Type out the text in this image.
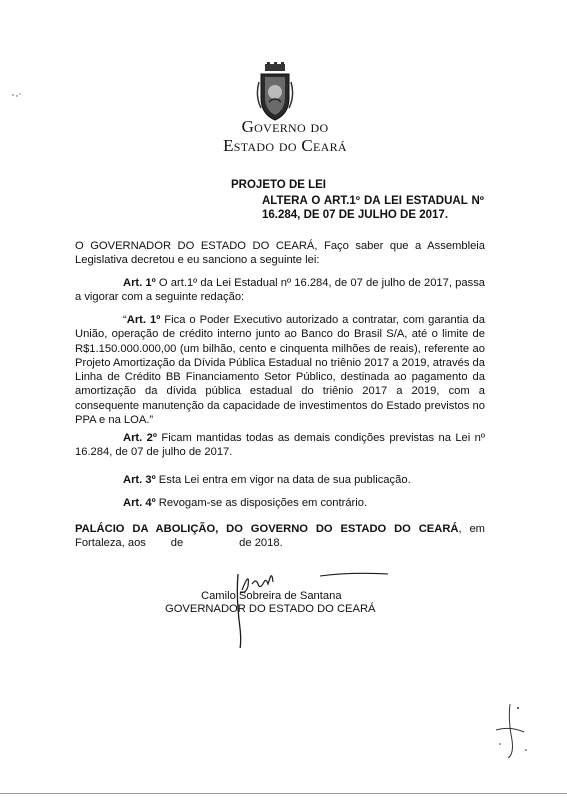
Governo do
Estado do Ceará
PROJETO DE LEI
ALTERA O ART.1º DA LEI ESTADUAL Nº 16.284, DE 07 DE JULHO DE 2017.
O GOVERNADOR DO ESTADO DO CEARÁ, Faço saber que a Assembleia Legislativa decretou e eu sanciono a seguinte lei:
Art. 1º O art.1º da Lei Estadual nº 16.284, de 07 de julho de 2017, passa a vigorar com a seguinte redação:
“Art. 1º Fica o Poder Executivo autorizado a contratar, com garantia da União, operação de crédito interno junto ao Banco do Brasil S/A, até o limite de R$1.150.000.000,00 (um bilhão, cento e cinquenta milhões de reais), referente ao Projeto Amortização da Dívida Pública Estadual no triênio 2017 a 2019, através da Linha de Crédito BB Financiamento Setor Público, destinada ao pagamento da amortização da dívida pública estadual do triênio 2017 a 2019, com a consequente manutenção da capacidade de investimentos do Estado previstos no PPA e na LOA.”
Art. 2º Ficam mantidas todas as demais condições previstas na Lei nº 16.284, de 07 de julho de 2017.
Art. 3º Esta Lei entra em vigor na data de sua publicação.
Art. 4º Revogam-se as disposições em contrário.
PALÁCIO DA ABOLIÇÃO, DO GOVERNO DO ESTADO DO CEARÁ, em Fortaleza, aos        de                  de 2018.
Camilo Sobreira de Santana
GOVERNADOR DO ESTADO DO CEARÁ
